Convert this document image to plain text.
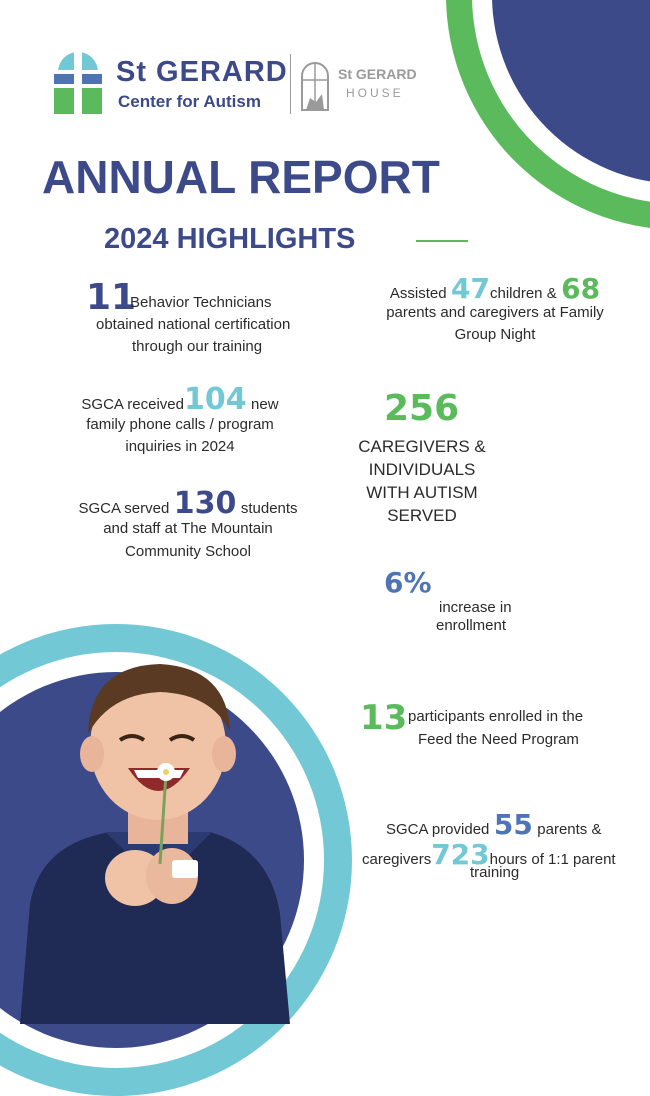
St GERARD
Center for Autism
St GERARD
HOUSE
ANNUAL REPORT
2024 HIGHLIGHTS
11
Behavior Technicians
obtained national certification
through our training
Assisted 47children & 68
parents and caregivers at Family
Group Night
SGCA received104 new
family phone calls / program
inquiries in 2024
256
CAREGIVERS &
INDIVIDUALS
WITH AUTISM
SERVED
SGCA served 130 students
and staff at The Mountain
Community School
6%
increase in
enrollment
13 participants enrolled in the
Feed the Need Program
SGCA provided 55 parents &
caregivers723hours of 1:1 parent
training
